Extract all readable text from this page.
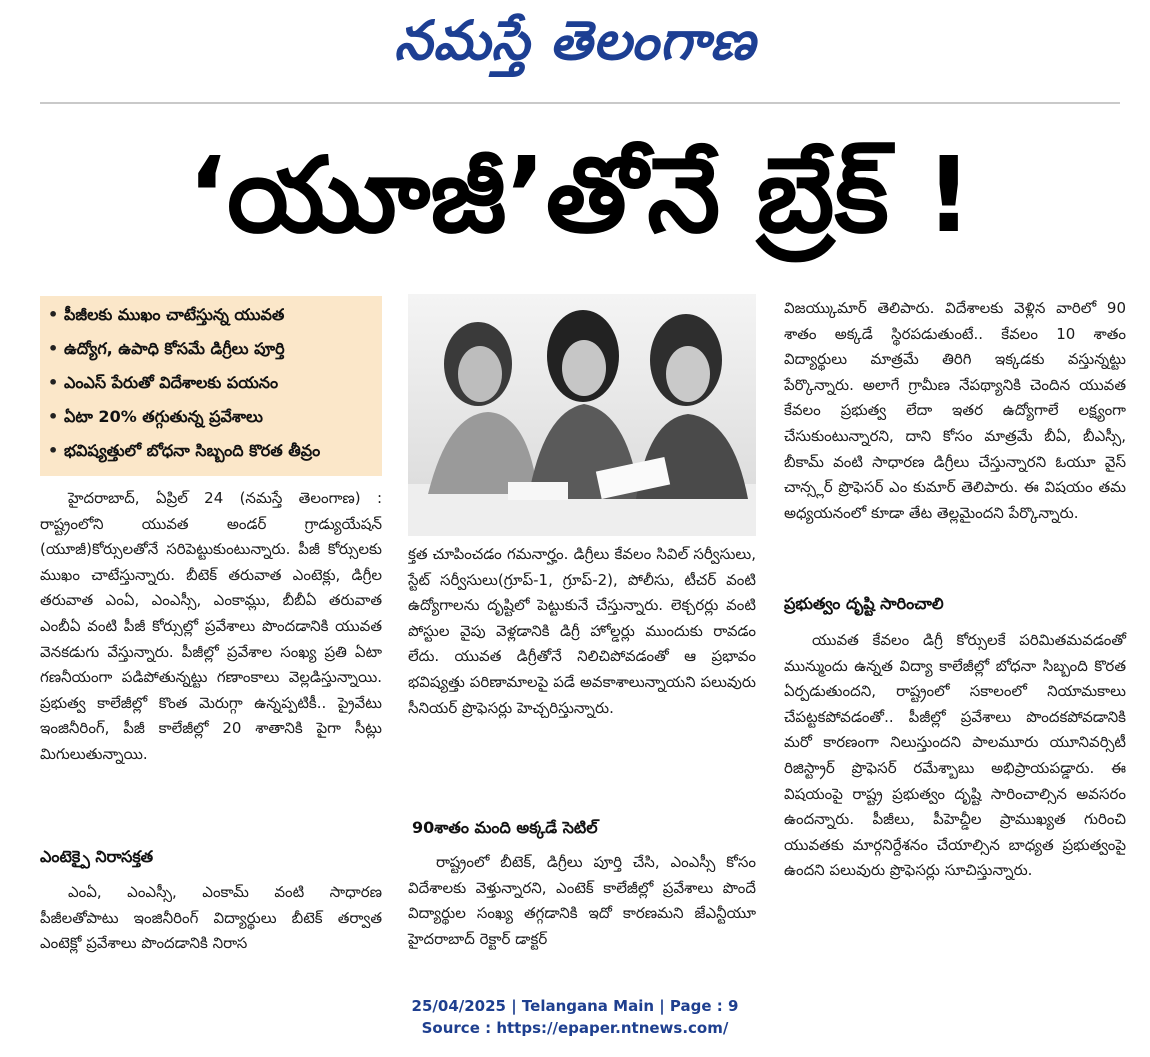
నమస్తే తెలంగాణ
‘యూజీ’తోనే బ్రేక్ !
• పీజీలకు ముఖం చాటేస్తున్న యువత
• ఉద్యోగ, ఉపాధి కోసమే డిగ్రీలు పూర్తి
• ఎంఎస్ పేరుతో విదేశాలకు పయనం
• ఏటా 20% తగ్గుతున్న ప్రవేశాలు
• భవిష్యత్తులో బోధనా సిబ్బంది కొరత తీవ్రం

హైదరాబాద్, ఏప్రిల్ 24 (నమస్తే తెలంగాణ) : రాష్ట్రంలోని యువత అండర్ గ్రాడ్యుయేషన్ (యూజీ)కోర్సులతోనే సరిపెట్టుకుంటున్నారు. పీజీ కోర్సులకు ముఖం చాటేస్తున్నారు. బీటెక్ తరువాత ఎంటెక్లు, డిగ్రీల తరువాత ఎంఏ, ఎంఎస్సీ, ఎంకామ్లు, బీబీఏ తరువాత ఎంబీఏ వంటి పీజీ కోర్సుల్లో ప్రవేశాలు పొందడానికి యువత వెనకడుగు వేస్తున్నారు. పీజీల్లో ప్రవేశాల సంఖ్య ప్రతి ఏటా గణనీయంగా పడిపోతున్నట్టు గణాంకాలు వెల్లడిస్తున్నాయి. ప్రభుత్వ కాలేజీల్లో కొంత మెరుగ్గా ఉన్నప్పటికీ.. ప్రైవేటు ఇంజినీరింగ్, పీజీ కాలేజీల్లో 20 శాతానికి పైగా సీట్లు మిగులుతున్నాయి.

ఎంటెక్పై నిరాసక్తత

ఎంఏ, ఎంఎస్సీ, ఎంకామ్ వంటి సాధారణ పీజీలతోపాటు ఇంజినీరింగ్ విద్యార్థులు బీటెక్ తర్వాత ఎంటెక్లో ప్రవేశాలు పొందడానికి నిరాస

క్తత చూపించడం గమనార్హం. డిగ్రీలు కేవలం సివిల్ సర్వీసులు, స్టేట్ సర్వీసులు(గ్రూప్-1, గ్రూప్-2), పోలీసు, టీచర్ వంటి ఉద్యోగాలను దృష్టిలో పెట్టుకునే చేస్తున్నారు. లెక్చరర్లు వంటి పోస్టుల వైపు వెళ్లడానికి డిగ్రీ హోల్డర్లు ముందుకు రావడం లేదు. యువత డిగ్రీతోనే నిలిచిపోవడంతో ఆ ప్రభావం భవిష్యత్తు పరిణామాలపై పడే అవకాశాలున్నాయని పలువురు సీనియర్ ప్రొఫెసర్లు హెచ్చరిస్తున్నారు.

90శాతం మంది అక్కడే సెటిల్

రాష్ట్రంలో బీటెక్, డిగ్రీలు పూర్తి చేసి, ఎంఎస్సీ కోసం విదేశాలకు వెళ్తున్నారని, ఎంటెక్ కాలేజీల్లో ప్రవేశాలు పొందే విద్యార్థుల సంఖ్య తగ్గడానికి ఇదో కారణమని జేఎన్టీయూ హైదరాబాద్ రెక్టార్ డాక్టర్

విజయ్కుమార్ తెలిపారు. విదేశాలకు వెళ్లిన వారిలో 90 శాతం అక్కడే స్థిరపడుతుంటే.. కేవలం 10 శాతం విద్యార్థులు మాత్రమే తిరిగి ఇక్కడకు వస్తున్నట్టు పేర్కొన్నారు. అలాగే గ్రామీణ నేపథ్యానికి చెందిన యువత కేవలం ప్రభుత్వ లేదా ఇతర ఉద్యోగాలే లక్ష్యంగా చేసుకుంటున్నారని, దాని కోసం మాత్రమే బీఏ, బీఎస్సీ, బీకామ్ వంటి సాధారణ డిగ్రీలు చేస్తున్నారని ఓయూ వైస్ చాన్స్లర్ ప్రొఫెసర్ ఎం కుమార్ తెలిపారు. ఈ విషయం తమ అధ్యయనంలో కూడా తేట తెల్లమైందని పేర్కొన్నారు.

ప్రభుత్వం దృష్టి సారించాలి

యువత కేవలం డిగ్రీ కోర్సులకే పరిమితమవడంతో మున్ముందు ఉన్నత విద్యా కాలేజీల్లో బోధనా సిబ్బంది కొరత ఏర్పడుతుందని, రాష్ట్రంలో సకాలంలో నియామకాలు చేపట్టకపోవడంతో.. పీజీల్లో ప్రవేశాలు పొందకపోవడానికి మరో కారణంగా నిలుస్తుందని పాలమూరు యూనివర్సిటీ రిజిస్ట్రార్ ప్రొఫెసర్ రమేశ్బాబు అభిప్రాయపడ్డారు. ఈ విషయంపై రాష్ట్ర ప్రభుత్వం దృష్టి సారించాల్సిన అవసరం ఉందన్నారు. పీజీలు, పీహెచ్డీల ప్రాముఖ్యత గురించి యువతకు మార్గనిర్దేశనం చేయాల్సిన బాధ్యత ప్రభుత్వంపై ఉందని పలువురు ప్రొఫెసర్లు సూచిస్తున్నారు.

25/04/2025 | Telangana Main | Page : 9
Source : https://epaper.ntnews.com/
